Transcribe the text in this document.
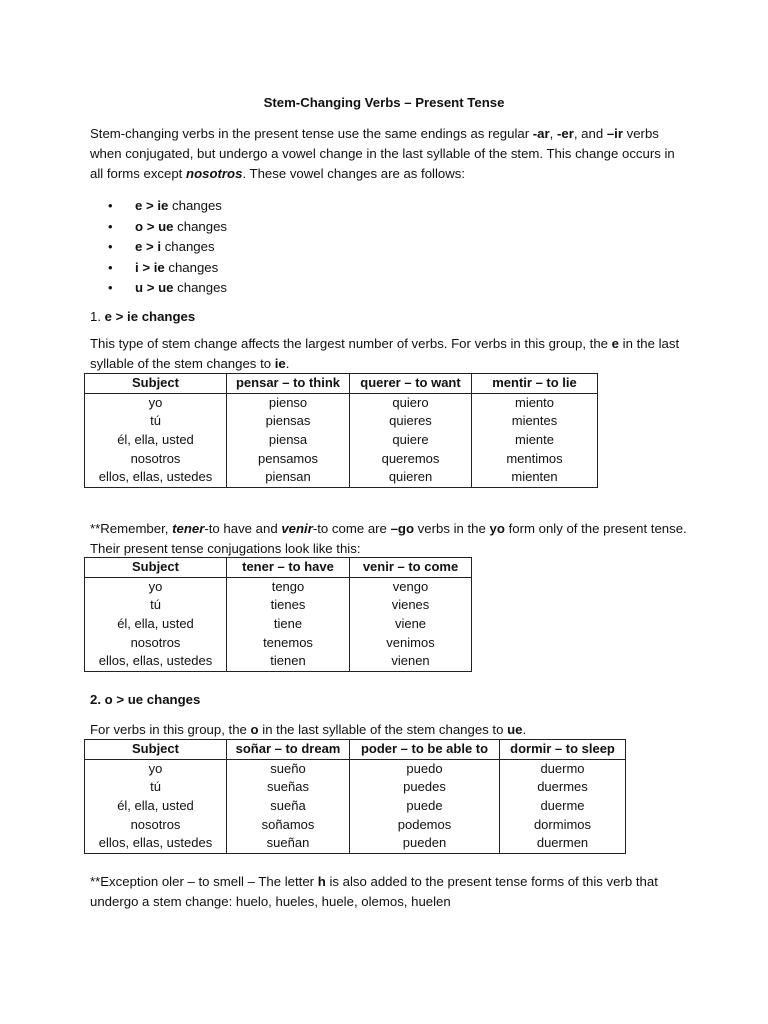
Stem-Changing Verbs – Present Tense
Stem-changing verbs in the present tense use the same endings as regular -ar, -er, and –ir verbs when conjugated, but undergo a vowel change in the last syllable of the stem. This change occurs in all forms except nosotros. These vowel changes are as follows:
• e > ie changes
• o > ue changes
• e > i changes
• i > ie changes
• u > ue changes
1. e > ie changes
This type of stem change affects the largest number of verbs. For verbs in this group, the e in the last syllable of the stem changes to ie.
Subject	pensar – to think	querer – to want	mentir – to lie
yo	pienso	quiero	miento
tú	piensas	quieres	mientes
él, ella, usted	piensa	quiere	miente
nosotros	pensamos	queremos	mentimos
ellos, ellas, ustedes	piensan	quieren	mienten
**Remember, tener-to have and venir-to come are –go verbs in the yo form only of the present tense. Their present tense conjugations look like this:
Subject	tener – to have	venir – to come
yo	tengo	vengo
tú	tienes	vienes
él, ella, usted	tiene	viene
nosotros	tenemos	venimos
ellos, ellas, ustedes	tienen	vienen
2. o > ue changes
For verbs in this group, the o in the last syllable of the stem changes to ue.
Subject	soñar – to dream	poder – to be able to	dormir – to sleep
yo	sueño	puedo	duermo
tú	sueñas	puedes	duermes
él, ella, usted	sueña	puede	duerme
nosotros	soñamos	podemos	dormimos
ellos, ellas, ustedes	sueñan	pueden	duermen
**Exception oler – to smell – The letter h is also added to the present tense forms of this verb that undergo a stem change: huelo, hueles, huele, olemos, huelen
